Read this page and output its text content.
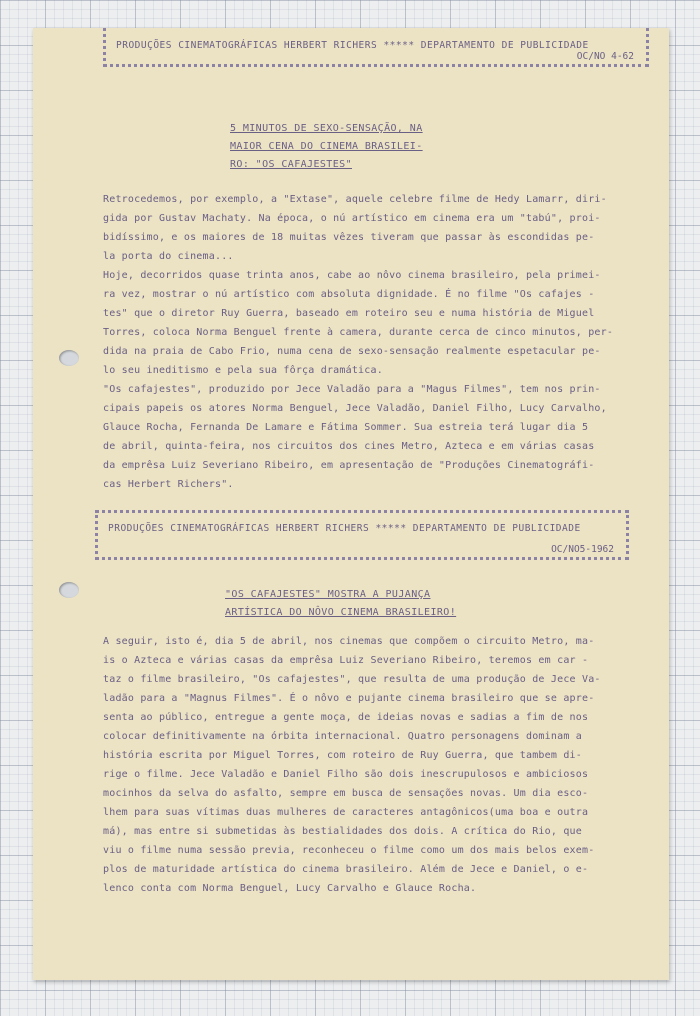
PRODUÇÕES CINEMATOGRÁFICAS HERBERT RICHERS ***** DEPARTAMENTO DE PUBLICIDADE
OC/NO 4-62
5 MINUTOS DE SEXO-SENSAÇÃO, NA
MAIOR CENA DO CINEMA BRASILEI-
RO: "OS CAFAJESTES"

Retrocedemos, por exemplo, a "Extase", aquele celebre filme de Hedy Lamarr, diri-

gida por Gustav Machaty. Na época, o nú artístico em cinema era um "tabú", proi-

bidíssimo, e os maiores de 18 muitas vêzes tiveram que passar às escondidas pe-

la porta do cinema...

Hoje, decorridos quase trinta anos, cabe ao nôvo cinema brasileiro, pela primei-

ra vez, mostrar o nú artístico com absoluta dignidade. É no filme "Os cafajes -

tes" que o diretor Ruy Guerra, baseado em roteiro seu e numa história de Miguel

Torres, coloca Norma Benguel frente à camera, durante cerca de cinco minutos, per-

dida na praia de Cabo Frio, numa cena de sexo-sensação realmente espetacular pe-

lo seu ineditismo e pela sua fôrça dramática.

"Os cafajestes", produzido por Jece Valadão para a "Magus Filmes", tem nos prin-

cipais papeis os atores Norma Benguel, Jece Valadão, Daniel Filho, Lucy Carvalho,

Glauce Rocha, Fernanda De Lamare e Fátima Sommer. Sua estreia terá lugar dia 5

de abril, quinta-feira, nos circuitos dos cines Metro, Azteca e em várias casas

da emprêsa Luiz Severiano Ribeiro, em apresentação de "Produções Cinematográfi-

cas Herbert Richers".

PRODUÇÕES CINEMATOGRÁFICAS HERBERT RICHERS ***** DEPARTAMENTO DE PUBLICIDADE
OC/NO5-1962
"OS CAFAJESTES" MOSTRA A PUJANÇA
ARTÍSTICA DO NÔVO CINEMA BRASILEIRO!

A seguir, isto é, dia 5 de abril, nos cinemas que compõem o circuito Metro, ma-

is o Azteca e várias casas da emprêsa Luiz Severiano Ribeiro, teremos em car -

taz o filme brasileiro, "Os cafajestes", que resulta de uma produção de Jece Va-

ladão para a "Magnus Filmes". É o nôvo e pujante cinema brasileiro que se apre-

senta ao público, entregue a gente moça, de ideias novas e sadias a fim de nos

colocar definitivamente na órbita internacional. Quatro personagens dominam a

história escrita por Miguel Torres, com roteiro de Ruy Guerra, que tambem di-

rige o filme. Jece Valadão e Daniel Filho são dois inescrupulosos e ambiciosos

mocinhos da selva do asfalto, sempre em busca de sensações novas. Um dia esco-

lhem para suas vítimas duas mulheres de caracteres antagônicos(uma boa e outra

má), mas entre si submetidas às bestialidades dos dois. A crítica do Rio, que

viu o filme numa sessão previa, reconheceu o filme como um dos mais belos exem-

plos de maturidade artística do cinema brasileiro. Além de Jece e Daniel, o e-

lenco conta com Norma Benguel, Lucy Carvalho e Glauce Rocha.
